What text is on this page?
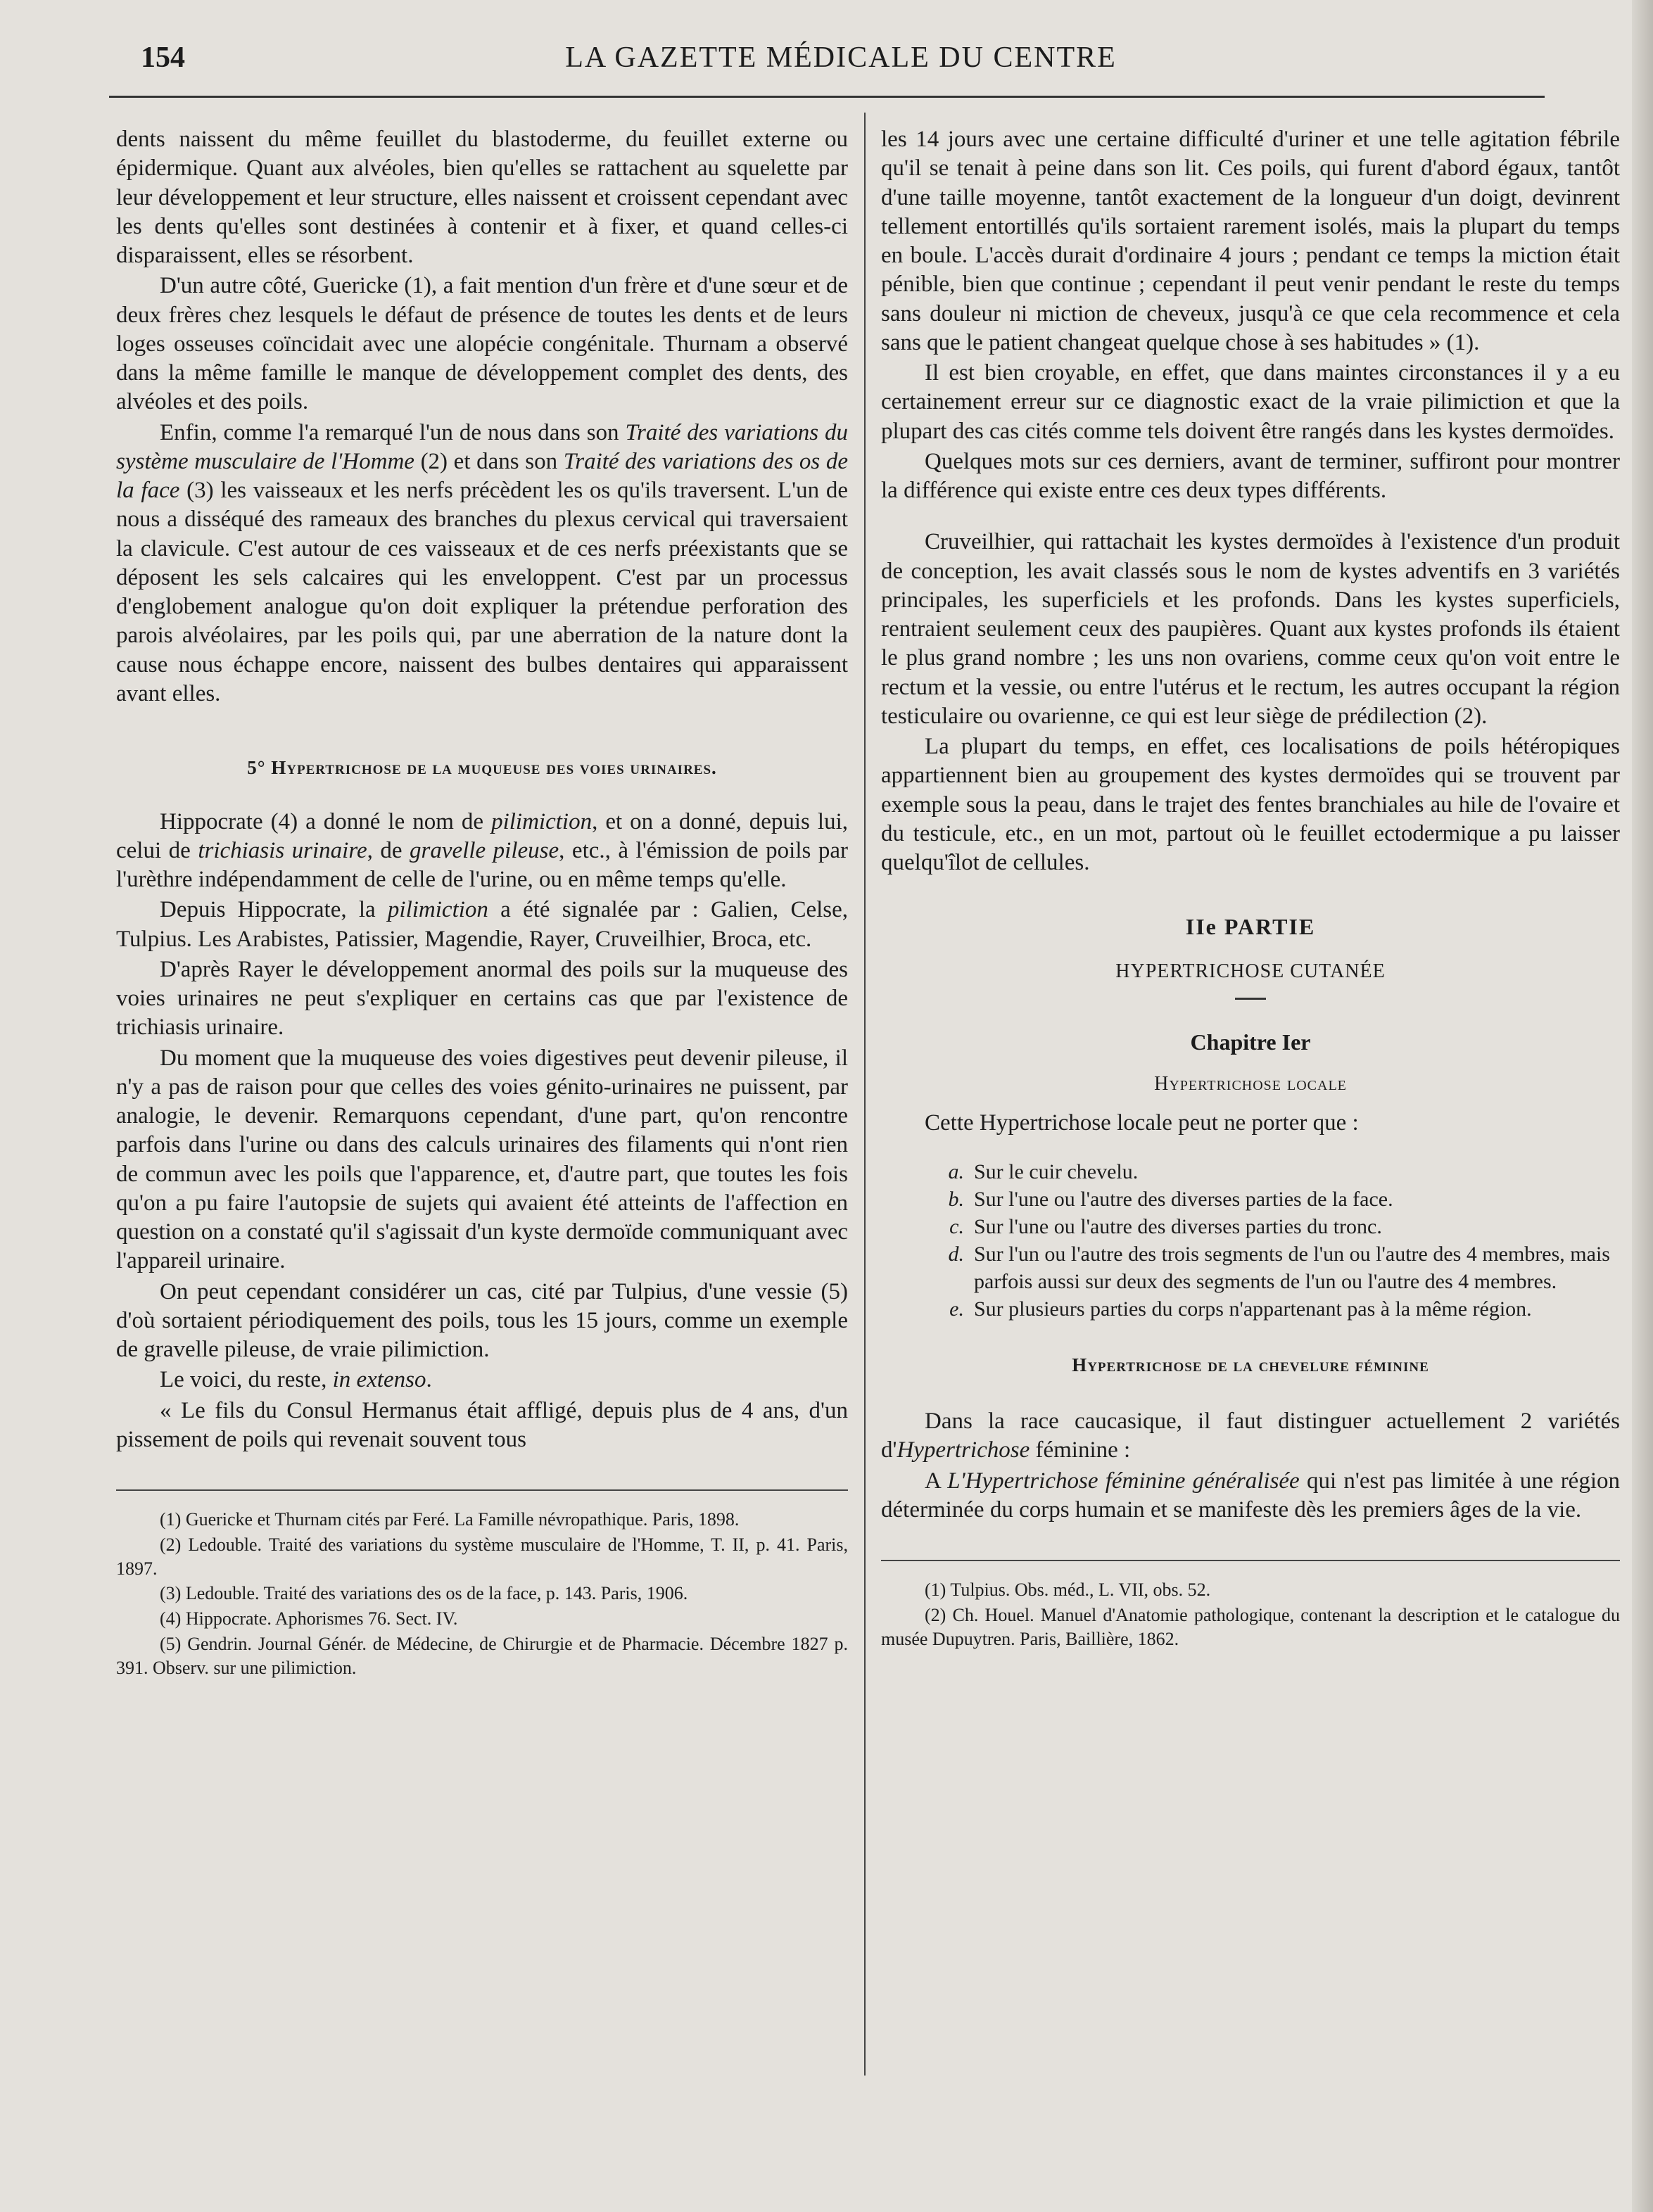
154	LA GAZETTE MÉDICALE DU CENTRE

dents naissent du même feuillet du blastoderme, du feuillet externe ou épidermique. Quant aux alvéoles, bien qu'elles se rattachent au squelette par leur développement et leur structure, elles naissent et croissent cependant avec les dents qu'elles sont destinées à contenir et à fixer, et quand celles-ci disparaissent, elles se résorbent.

D'un autre côté, Guericke (1), a fait mention d'un frère et d'une sœur et de deux frères chez lesquels le défaut de présence de toutes les dents et de leurs loges osseuses coïncidait avec une alopécie congénitale. Thurnam a observé dans la même famille le manque de développement complet des dents, des alvéoles et des poils.

Enfin, comme l'a remarqué l'un de nous dans son Traité des variations du système musculaire de l'Homme (2) et dans son Traité des variations des os de la face (3) les vaisseaux et les nerfs précèdent les os qu'ils traversent. L'un de nous a disséqué des rameaux des branches du plexus cervical qui traversaient la clavicule. C'est autour de ces vaisseaux et de ces nerfs préexistants que se déposent les sels calcaires qui les enveloppent. C'est par un processus d'englobement analogue qu'on doit expliquer la prétendue perforation des parois alvéolaires, par les poils qui, par une aberration de la nature dont la cause nous échappe encore, naissent des bulbes dentaires qui apparaissent avant elles.

5° Hypertrichose de la muqueuse des voies urinaires.

Hippocrate (4) a donné le nom de pilimiction, et on a donné, depuis lui, celui de trichiasis urinaire, de gravelle pileuse, etc., à l'émission de poils par l'urèthre indépendamment de celle de l'urine, ou en même temps qu'elle.

Depuis Hippocrate, la pilimiction a été signalée par : Galien, Celse, Tulpius. Les Arabistes, Patissier, Magendie, Rayer, Cruveilhier, Broca, etc.

D'après Rayer le développement anormal des poils sur la muqueuse des voies urinaires ne peut s'expliquer en certains cas que par l'existence de trichiasis urinaire.

Du moment que la muqueuse des voies digestives peut devenir pileuse, il n'y a pas de raison pour que celles des voies génito-urinaires ne puissent, par analogie, le devenir. Remarquons cependant, d'une part, qu'on rencontre parfois dans l'urine ou dans des calculs urinaires des filaments qui n'ont rien de commun avec les poils que l'apparence, et, d'autre part, que toutes les fois qu'on a pu faire l'autopsie de sujets qui avaient été atteints de l'affection en question on a constaté qu'il s'agissait d'un kyste dermoïde communiquant avec l'appareil urinaire.

On peut cependant considérer un cas, cité par Tulpius, d'une vessie (5) d'où sortaient périodiquement des poils, tous les 15 jours, comme un exemple de gravelle pileuse, de vraie pilimiction.

Le voici, du reste, in extenso.

« Le fils du Consul Hermanus était affligé, depuis plus de 4 ans, d'un pissement de poils qui revenait souvent tous

(1) Guericke et Thurnam cités par Feré. La Famille névropathique. Paris, 1898.

(2) Ledouble. Traité des variations du système musculaire de l'Homme, T. II, p. 41. Paris, 1897.

(3) Ledouble. Traité des variations des os de la face, p. 143. Paris, 1906.

(4) Hippocrate. Aphorismes 76. Sect. IV.

(5) Gendrin. Journal Génér. de Médecine, de Chirurgie et de Pharmacie. Décembre 1827 p. 391. Observ. sur une pilimiction.

les 14 jours avec une certaine difficulté d'uriner et une telle agitation fébrile qu'il se tenait à peine dans son lit. Ces poils, qui furent d'abord égaux, tantôt d'une taille moyenne, tantôt exactement de la longueur d'un doigt, devinrent tellement entortillés qu'ils sortaient rarement isolés, mais la plupart du temps en boule. L'accès durait d'ordinaire 4 jours ; pendant ce temps la miction était pénible, bien que continue ; cependant il peut venir pendant le reste du temps sans douleur ni miction de cheveux, jusqu'à ce que cela recommence et cela sans que le patient changeat quelque chose à ses habitudes » (1).

Il est bien croyable, en effet, que dans maintes circonstances il y a eu certainement erreur sur ce diagnostic exact de la vraie pilimiction et que la plupart des cas cités comme tels doivent être rangés dans les kystes dermoïdes.

Quelques mots sur ces derniers, avant de terminer, suffiront pour montrer la différence qui existe entre ces deux types différents.

Cruveilhier, qui rattachait les kystes dermoïdes à l'existence d'un produit de conception, les avait classés sous le nom de kystes adventifs en 3 variétés principales, les superficiels et les profonds. Dans les kystes superficiels, rentraient seulement ceux des paupières. Quant aux kystes profonds ils étaient le plus grand nombre ; les uns non ovariens, comme ceux qu'on voit entre le rectum et la vessie, ou entre l'utérus et le rectum, les autres occupant la région testiculaire ou ovarienne, ce qui est leur siège de prédilection (2).

La plupart du temps, en effet, ces localisations de poils hétéropiques appartiennent bien au groupement des kystes dermoïdes qui se trouvent par exemple sous la peau, dans le trajet des fentes branchiales au hile de l'ovaire et du testicule, etc., en un mot, partout où le feuillet ectodermique a pu laisser quelqu'îlot de cellules.

IIe PARTIE
HYPERTRICHOSE CUTANÉE
Chapitre Ier
Hypertrichose locale

Cette Hypertrichose locale peut ne porter que :

a. Sur le cuir chevelu.
b. Sur l'une ou l'autre des diverses parties de la face.
c. Sur l'une ou l'autre des diverses parties du tronc.
d. Sur l'un ou l'autre des trois segments de l'un ou l'autre des 4 membres, mais parfois aussi sur deux des segments de l'un ou l'autre des 4 membres.
e. Sur plusieurs parties du corps n'appartenant pas à la même région.
Hypertrichose de la chevelure féminine

Dans la race caucasique, il faut distinguer actuellement 2 variétés d'Hypertrichose féminine :

A L'Hypertrichose féminine généralisée qui n'est pas limitée à une région déterminée du corps humain et se manifeste dès les premiers âges de la vie.

(1) Tulpius. Obs. méd., L. VII, obs. 52.

(2) Ch. Houel. Manuel d'Anatomie pathologique, contenant la description et le catalogue du musée Dupuytren. Paris, Baillière, 1862.
